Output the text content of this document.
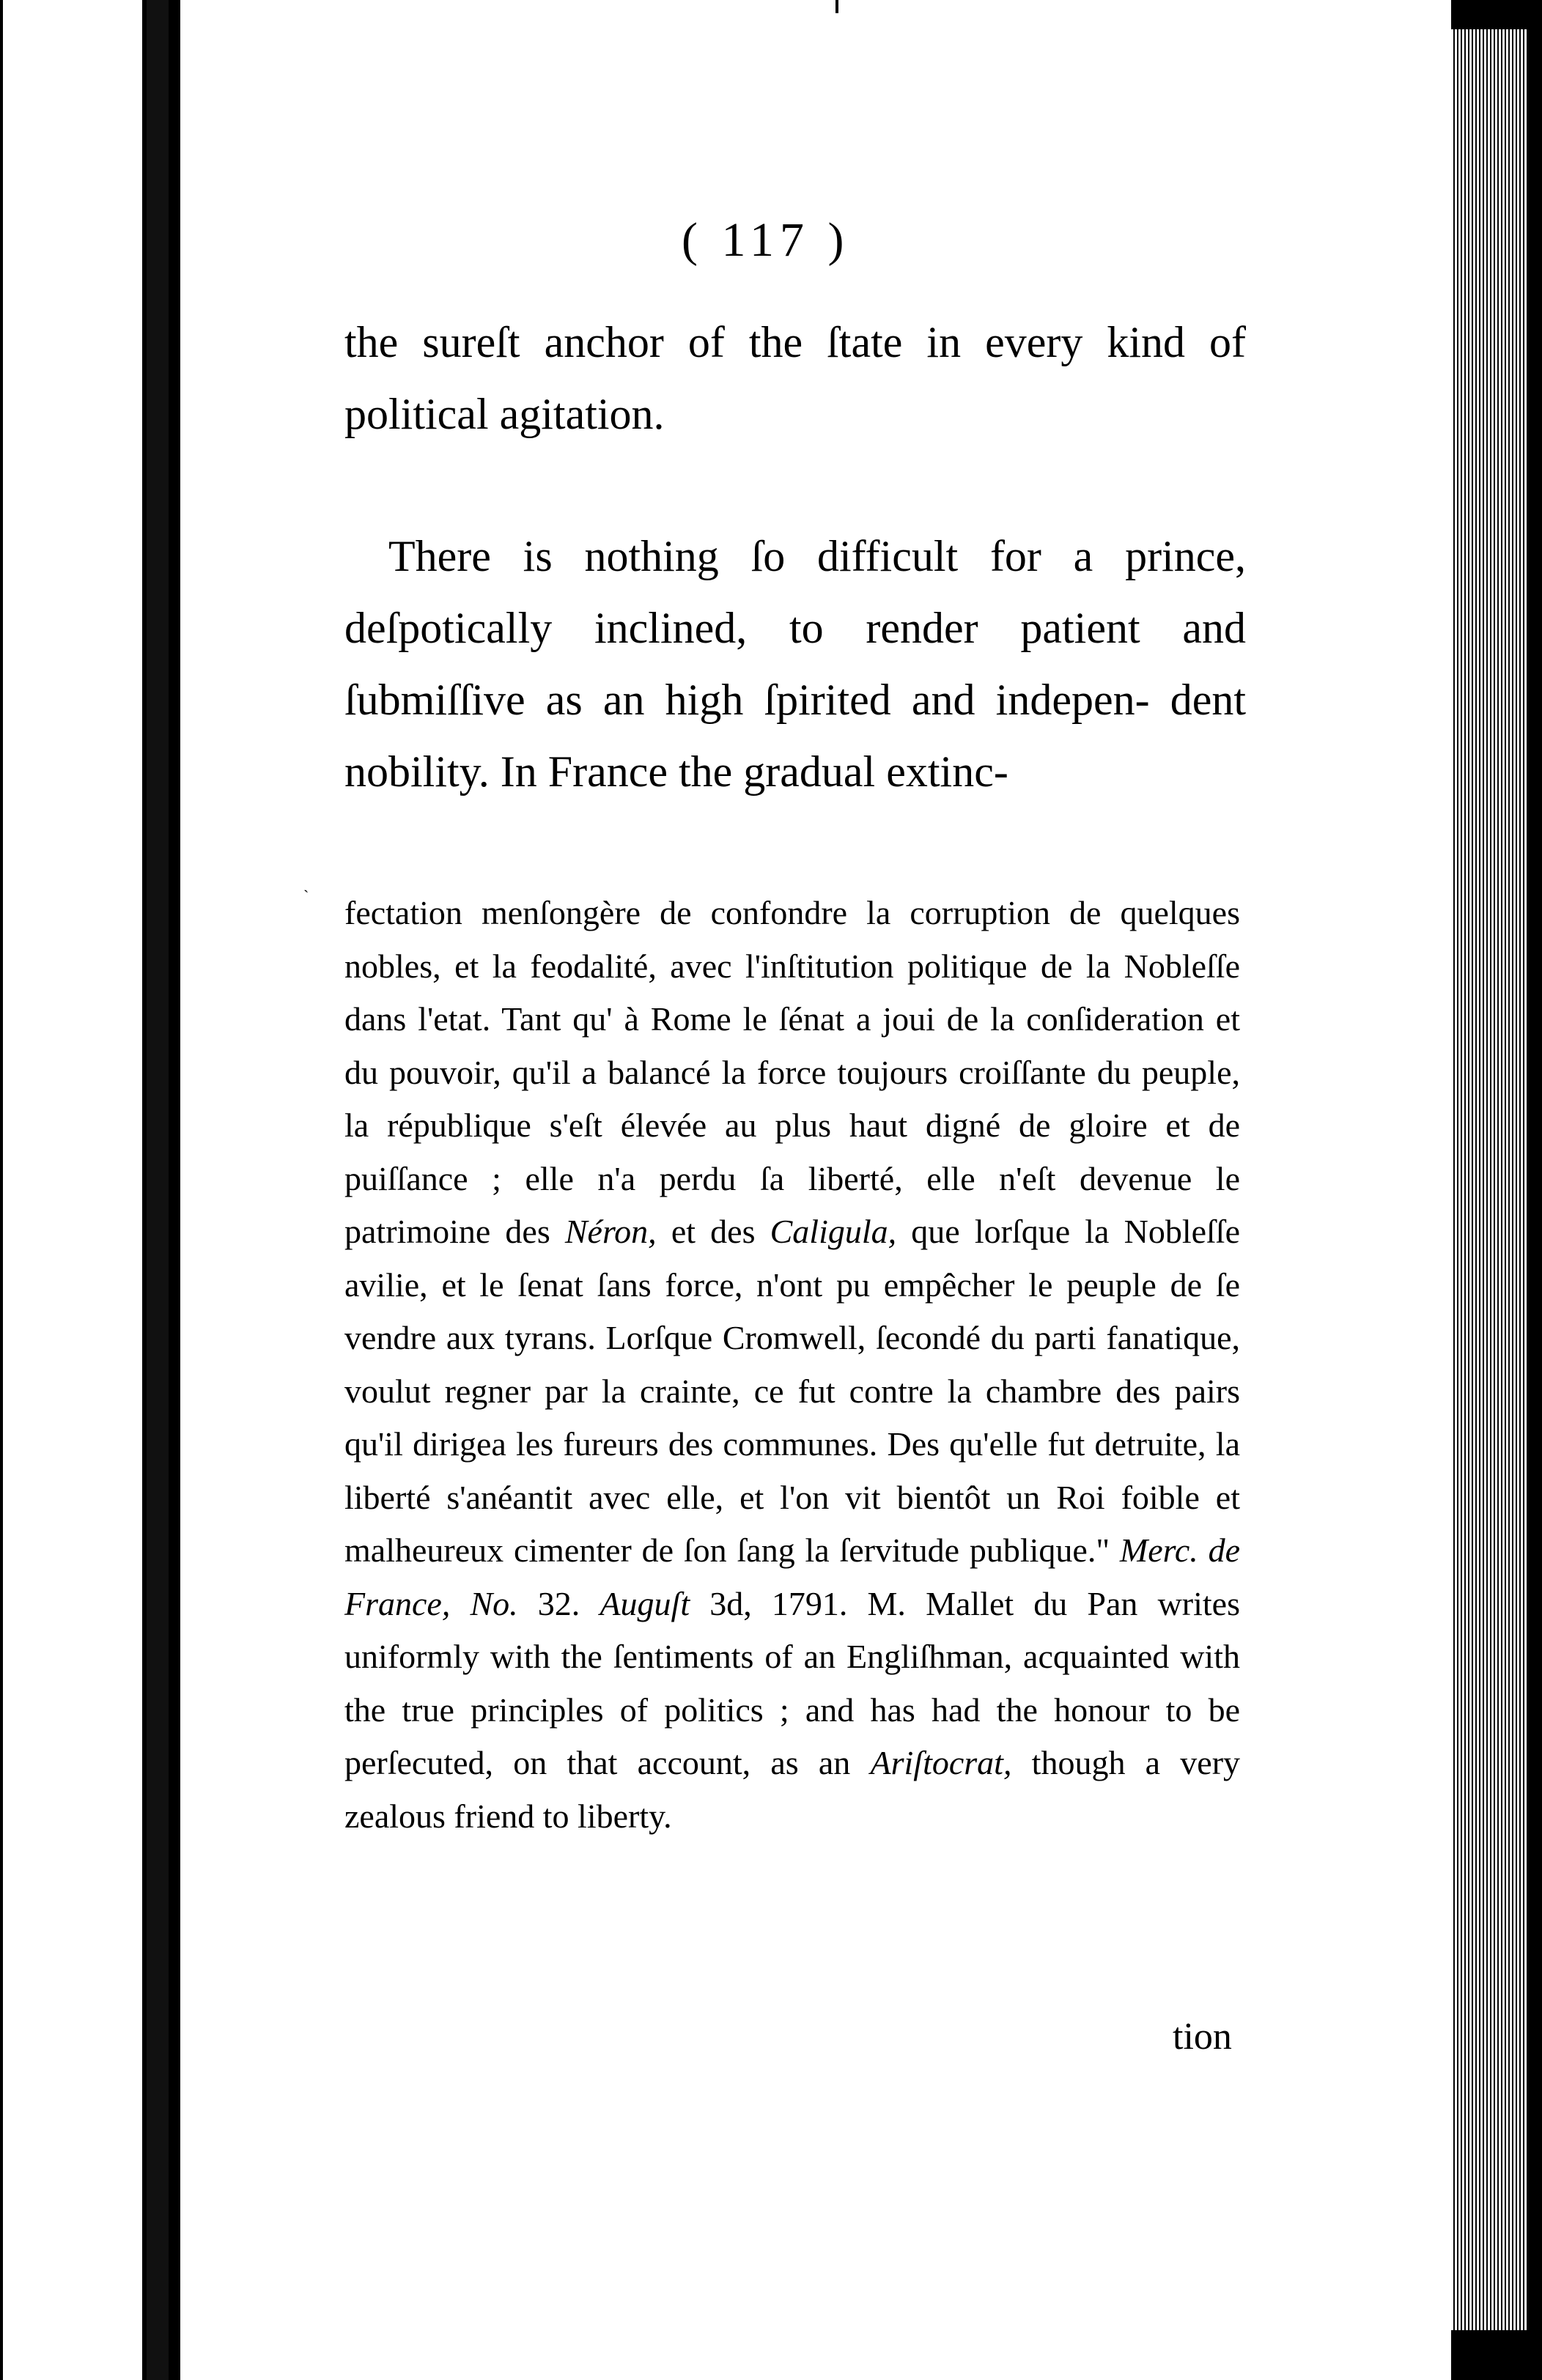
( 117 )

the sureſt anchor of the ſtate in every kind of political agitation.

There is nothing ſo difficult for a prince, deſpotically inclined, to render patient and ſubmiſſive as an high ſpirited and indepen- dent nobility. In France the gradual extinc-

ˋ fectation menſongère de confondre la corruption de quelques nobles, et la feodalité, avec l'inſtitution politique de la Nobleſſe dans l'etat. Tant qu' à Rome le ſénat a joui de la conſideration et du pouvoir, qu'il a balancé la force toujours croiſſante du peuple, la république s'eſt élevée au plus haut digné de gloire et de puiſſance ; elle n'a perdu ſa liberté, elle n'eſt devenue le patrimoine des Néron, et des Caligula, que lorſque la Nobleſſe avilie, et le ſenat ſans force, n'ont pu empêcher le peuple de ſe vendre aux tyrans. Lorſque Cromwell, ſecondé du parti fanatique, voulut regner par la crainte, ce fut contre la chambre des pairs qu'il dirigea les fureurs des communes. Des qu'elle fut detruite, la liberté s'anéantit avec elle, et l'on vit bientôt un Roi foible et malheureux cimenter de ſon ſang la ſervitude publique." Merc. de France, No. 32. Auguſt 3d, 1791. M. Mallet du Pan writes uniformly with the ſentiments of an Engliſhman, acquainted with the true principles of politics ; and has had the honour to be perſecuted, on that account, as an Ariſtocrat, though a very zealous friend to liberty.

tion
